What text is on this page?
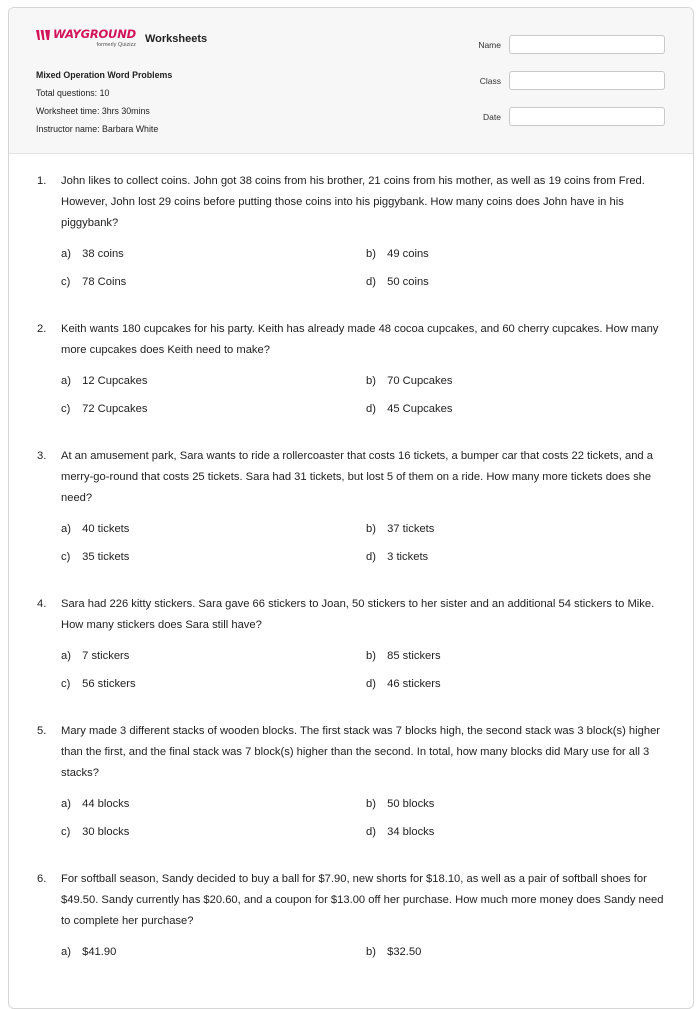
WAYGROUND
formerly Quizizz Worksheets
Mixed Operation Word Problems
Total questions: 10
Worksheet time: 3hrs 30mins
Instructor name: Barbara White
Name
Class
Date
1. John likes to collect coins. John got 38 coins from his brother, 21 coins from his mother, as well as 19 coins from Fred. However, John lost 29 coins before putting those coins into his piggybank. How many coins does John have in his piggybank?
a) 38 coins	b) 49 coins
c) 78 Coins	d) 50 coins
2. Keith wants 180 cupcakes for his party. Keith has already made 48 cocoa cupcakes, and 60 cherry cupcakes. How many more cupcakes does Keith need to make?
a) 12 Cupcakes	b) 70 Cupcakes
c) 72 Cupcakes	d) 45 Cupcakes
3. At an amusement park, Sara wants to ride a rollercoaster that costs 16 tickets, a bumper car that costs 22 tickets, and a merry-go-round that costs 25 tickets. Sara had 31 tickets, but lost 5 of them on a ride. How many more tickets does she need?
a) 40 tickets	b) 37 tickets
c) 35 tickets	d) 3 tickets
4. Sara had 226 kitty stickers. Sara gave 66 stickers to Joan, 50 stickers to her sister and an additional 54 stickers to Mike. How many stickers does Sara still have?
a) 7 stickers	b) 85 stickers
c) 56 stickers	d) 46 stickers
5. Mary made 3 different stacks of wooden blocks. The first stack was 7 blocks high, the second stack was 3 block(s) higher than the first, and the final stack was 7 block(s) higher than the second. In total, how many blocks did Mary use for all 3 stacks?
a) 44 blocks	b) 50 blocks
c) 30 blocks	d) 34 blocks
6. For softball season, Sandy decided to buy a ball for $7.90, new shorts for $18.10, as well as a pair of softball shoes for $49.50. Sandy currently has $20.60, and a coupon for $13.00 off her purchase. How much more money does Sandy need to complete her purchase?
a) $41.90	b) $32.50
